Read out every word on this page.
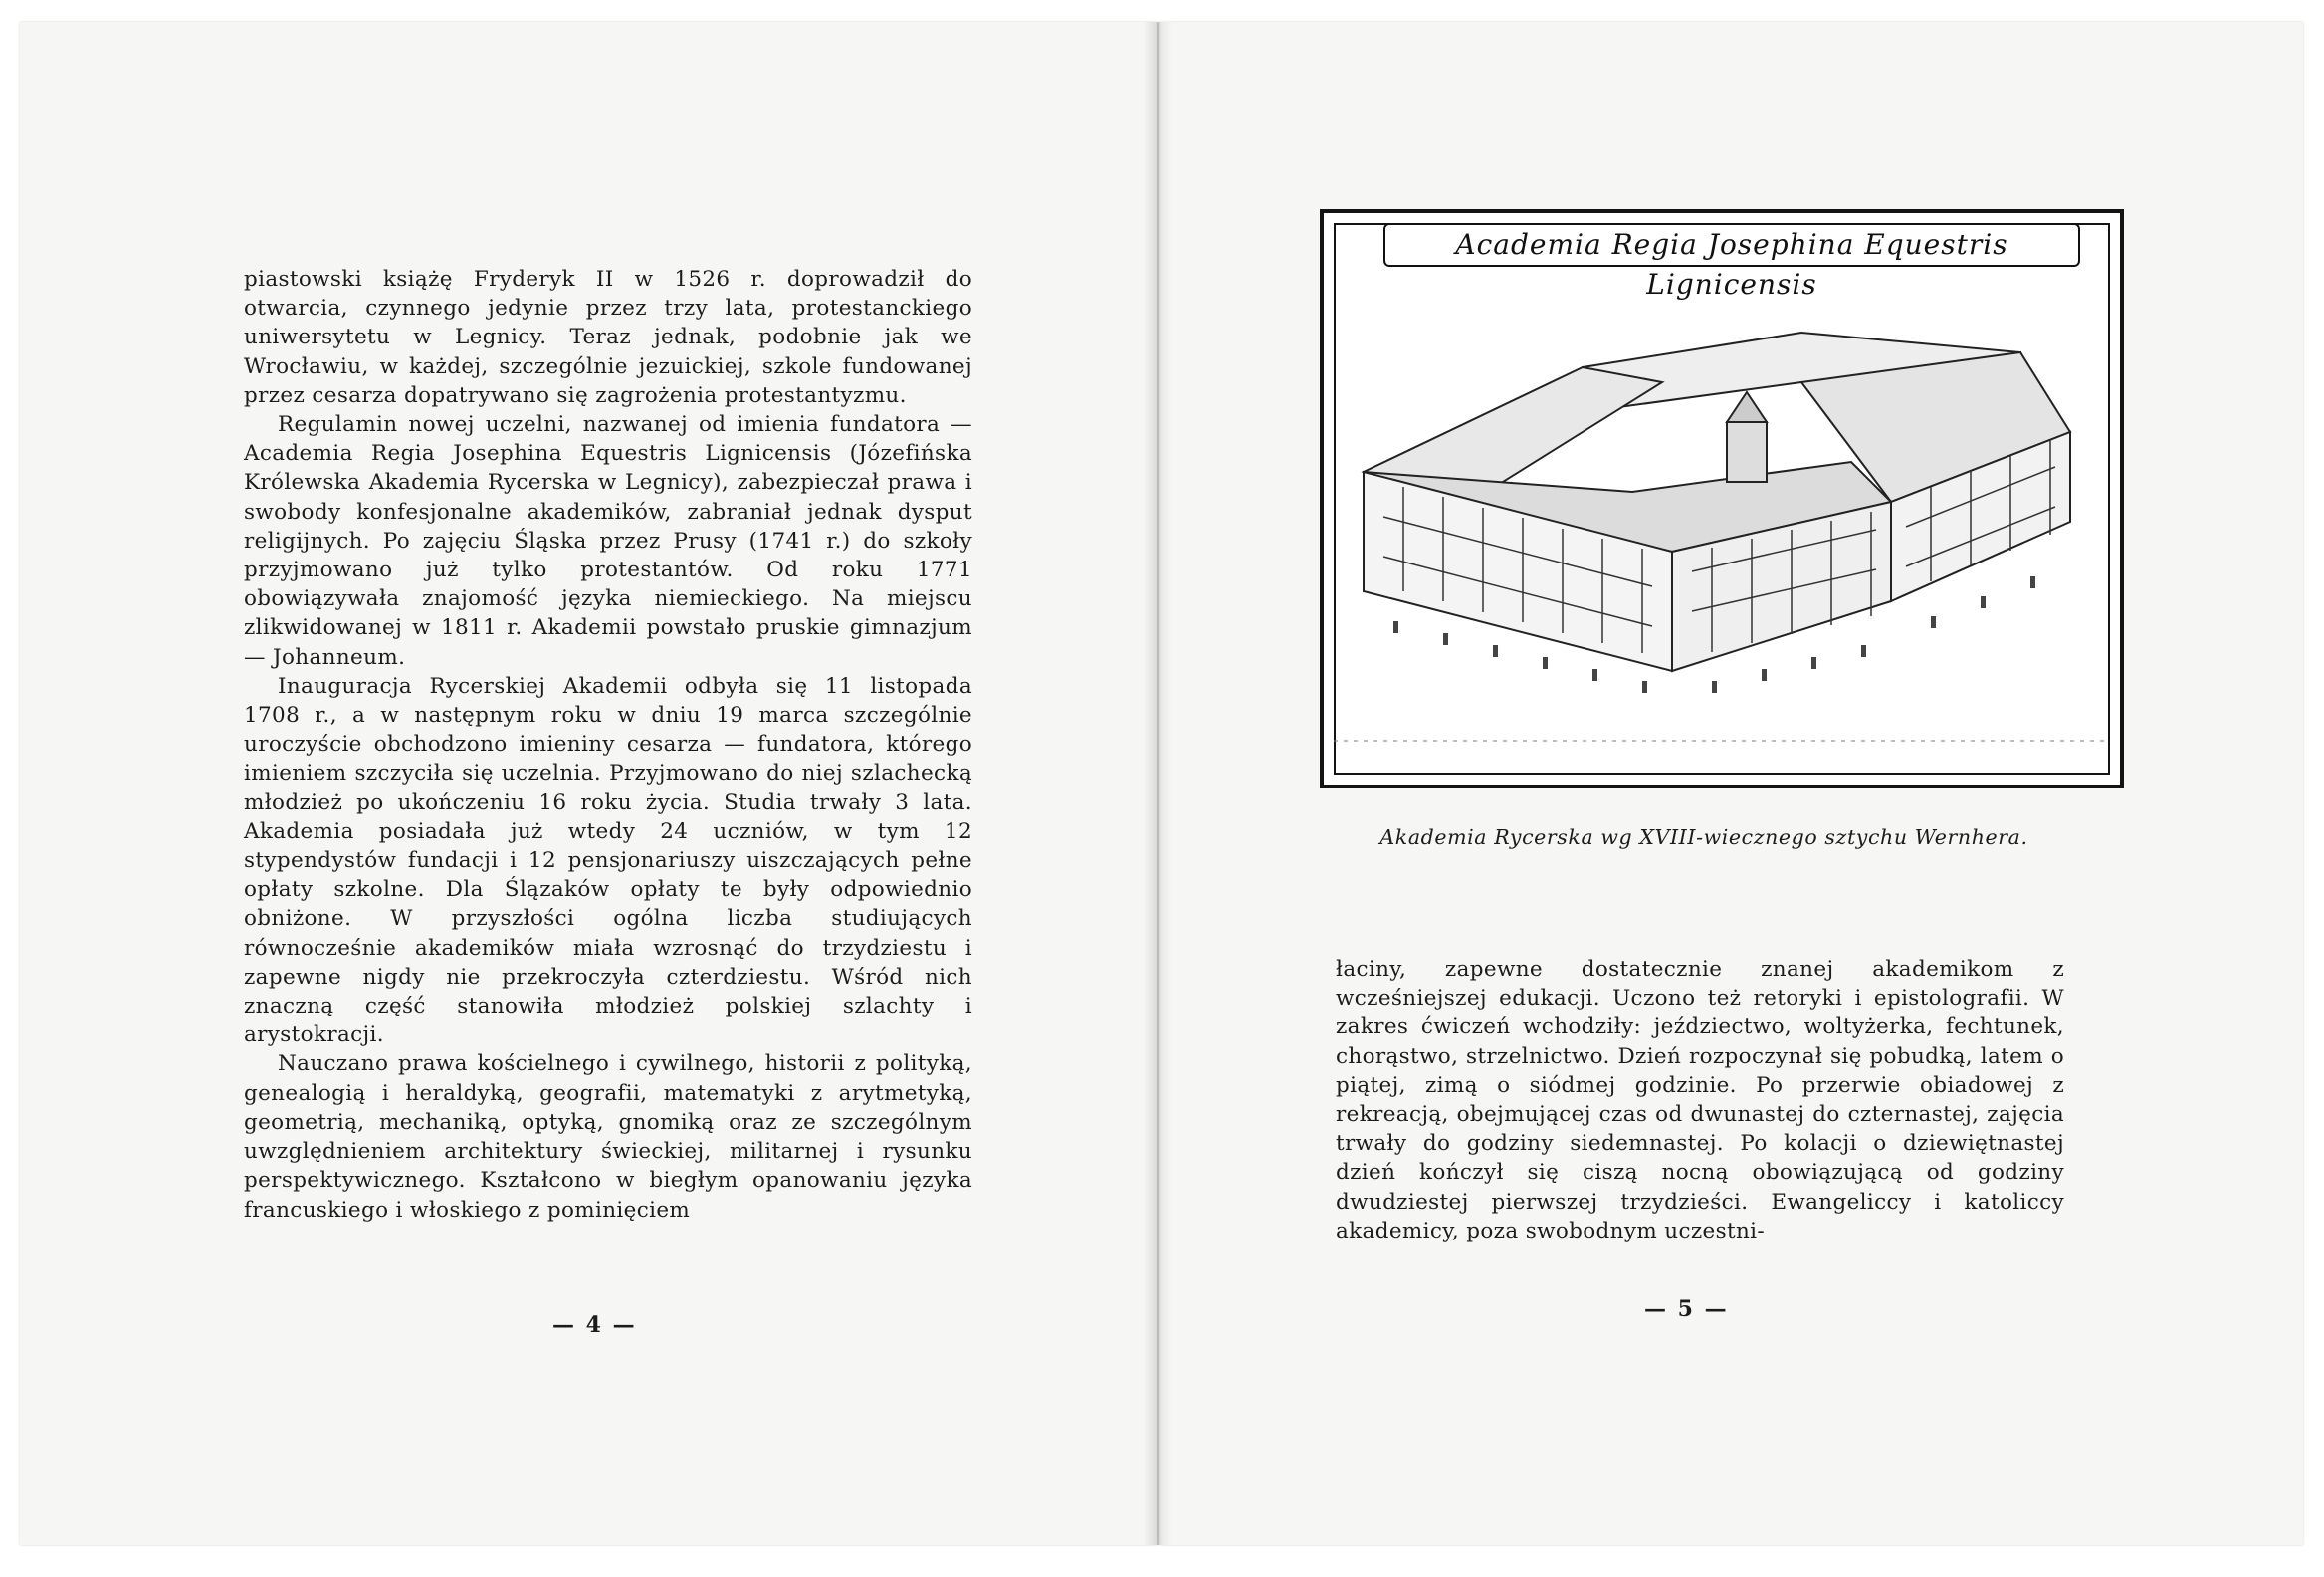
piastowski książę Fryderyk II w 1526 r. doprowadził do otwarcia, czynnego jedynie przez trzy lata, protestanckiego uniwersytetu w Legnicy. Teraz jednak, podobnie jak we Wrocławiu, w każdej, szczególnie jezuickiej, szkole fundowanej przez cesarza dopatrywano się zagrożenia protestantyzmu.

Regulamin nowej uczelni, nazwanej od imienia fundatora — Academia Regia Josephina Equestris Lignicensis (Józefińska Królewska Akademia Rycerska w Legnicy), zabezpieczał prawa i swobody konfesjonalne akademików, zabraniał jednak dysput religijnych. Po zajęciu Śląska przez Prusy (1741 r.) do szkoły przyjmowano już tylko protestantów. Od roku 1771 obowiązywała znajomość języka niemieckiego. Na miejscu zlikwidowanej w 1811 r. Akademii powstało pruskie gimnazjum — Johanneum.

Inauguracja Rycerskiej Akademii odbyła się 11 listopada 1708 r., a w następnym roku w dniu 19 marca szczególnie uroczyście obchodzono imieniny cesarza — fundatora, którego imieniem szczyciła się uczelnia. Przyjmowano do niej szlachecką młodzież po ukończeniu 16 roku życia. Studia trwały 3 lata. Akademia posiadała już wtedy 24 uczniów, w tym 12 stypendystów fundacji i 12 pensjonariuszy uiszczających pełne opłaty szkolne. Dla Ślązaków opłaty te były odpowiednio obniżone. W przyszłości ogólna liczba studiujących równocześnie akademików miała wzrosnąć do trzydziestu i zapewne nigdy nie przekroczyła czterdziestu. Wśród nich znaczną część stanowiła młodzież polskiej szlachty i arystokracji.

Nauczano prawa kościelnego i cywilnego, historii z polityką, genealogią i heraldyką, geografii, matematyki z arytmetyką, geometrią, mechaniką, optyką, gnomiką oraz ze szczególnym uwzględnieniem architektury świeckiej, militarnej i rysunku perspektywicznego. Kształcono w biegłym opanowaniu języka francuskiego i włoskiego z pominięciem

— 4 —
Academia Regia Josephina Equestris Lignicensis
Akademia Rycerska wg XVIII-wiecznego sztychu Wernhera.

łaciny, zapewne dostatecznie znanej akademikom z wcześniejszej edukacji. Uczono też retoryki i epistolografii. W zakres ćwiczeń wchodziły: jeździectwo, woltyżerka, fechtunek, chorąstwo, strzelnictwo. Dzień rozpoczynał się pobudką, latem o piątej, zimą o siódmej godzinie. Po przerwie obiadowej z rekreacją, obejmującej czas od dwunastej do czternastej, zajęcia trwały do godziny siedemnastej. Po kolacji o dziewiętnastej dzień kończył się ciszą nocną obowiązującą od godziny dwudziestej pierwszej trzydzieści. Ewangeliccy i katoliccy akademicy, poza swobodnym uczestni-

— 5 —
